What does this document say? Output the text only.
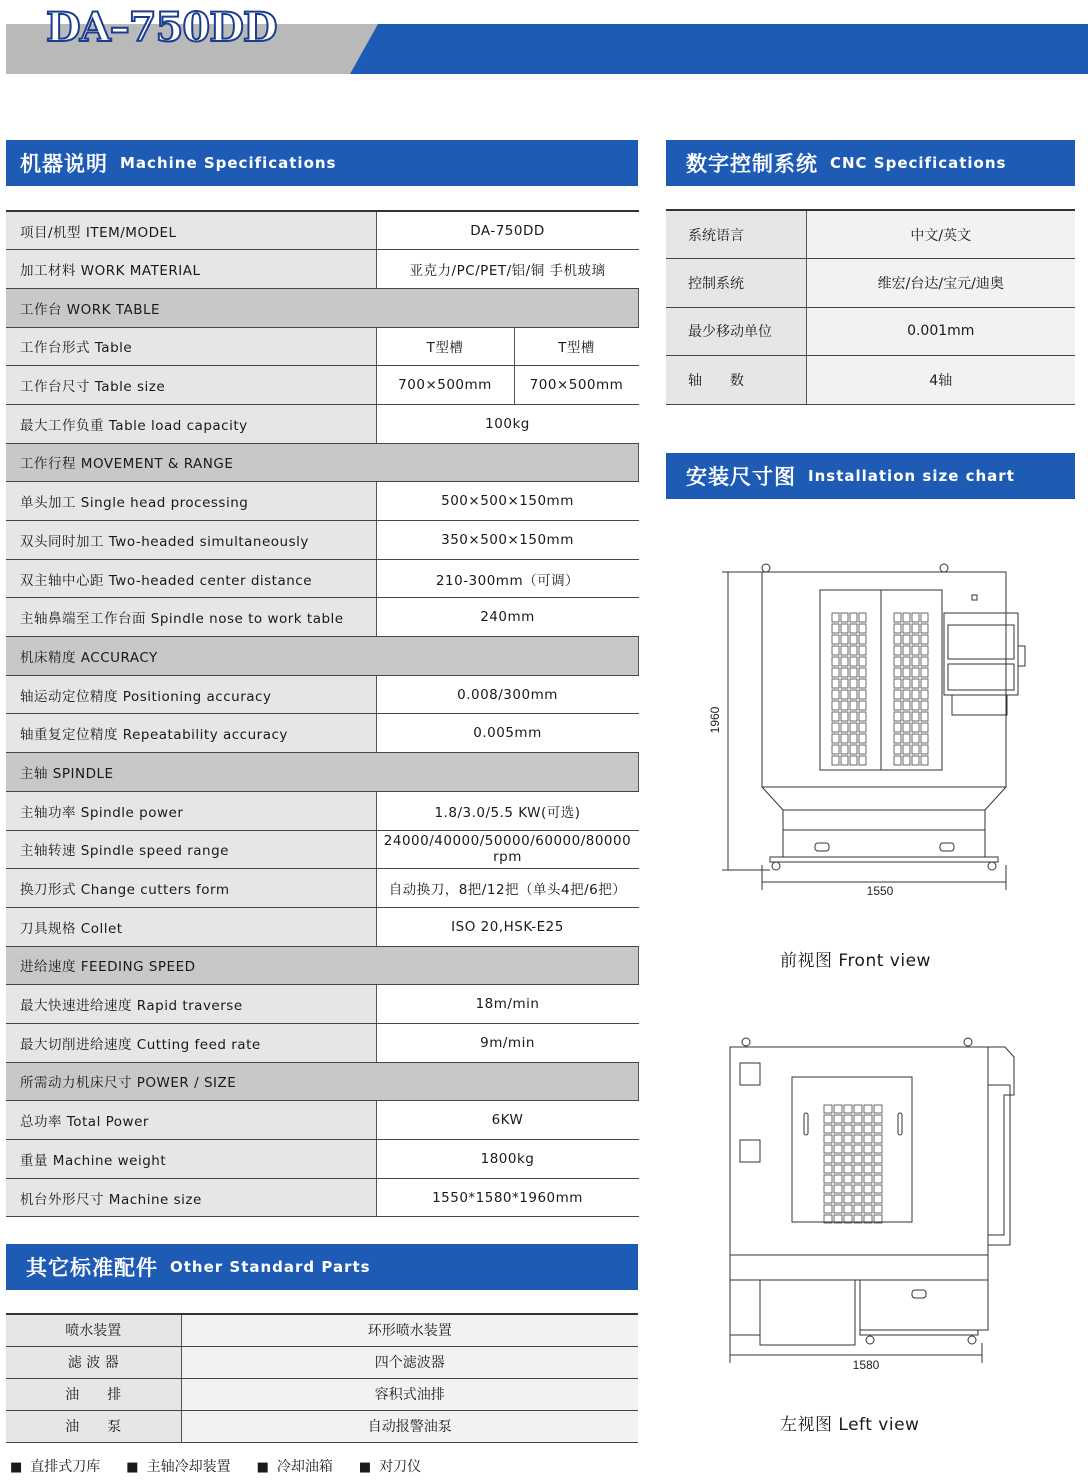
DA–750DD
机器说明 Machine Specifications
项目/机型 ITEM/MODEL	DA-750DD	
加工材料 WORK MATERIAL	亚克力/PC/PET/铝/铜 手机玻璃	
工作台 WORK TABLE		
工作台形式 Table	T型槽	T型槽
工作台尺寸 Table size	700×500mm	700×500mm
最大工作负重 Table load capacity	100kg	
工作行程 MOVEMENT & RANGE		
单头加工 Single head processing	500×500×150mm	
双头同时加工 Two-headed simultaneously	350×500×150mm	
双主轴中心距 Two-headed center distance	210-300mm（可调）	
主轴鼻端至工作台面 Spindle nose to work table	240mm	
机床精度 ACCURACY		
轴运动定位精度 Positioning accuracy	0.008/300mm	
轴重复定位精度 Repeatability accuracy	0.005mm	
主轴 SPINDLE		
主轴功率 Spindle power	1.8/3.0/5.5 KW(可选)	
主轴转速 Spindle speed range	24000/40000/50000/60000/80000 rpm	
换刀形式 Change cutters form	自动换刀，8把/12把（单头4把/6把）	
刀具规格 Collet	ISO 20,HSK-E25	
进给速度 FEEDING SPEED		
最大快速进给速度 Rapid traverse	18m/min	
最大切削进给速度 Cutting feed rate	9m/min	
所需动力机床尺寸 POWER / SIZE		
总功率 Total Power	6KW	
重量 Machine weight	1800kg	
机台外形尺寸 Machine size	1550*1580*1960mm	
数字控制系统 CNC Specifications
系统语言	中文/英文
控制系统	维宏/台达/宝元/迪奥
最少移动单位	0.001mm
轴　　数	4轴
安装尺寸图 Installation size chart
1960
1550
前视图 Front view
1580
左视图 Left view
其它标准配件 Other Standard Parts
喷水装置	环形喷水装置
滤 波 器	四个滤波器
油　　排	容积式油排
油　　泵	自动报警油泵
■ 直排式刀库	■ 主轴冷却装置	■ 冷却油箱	■ 对刀仪
